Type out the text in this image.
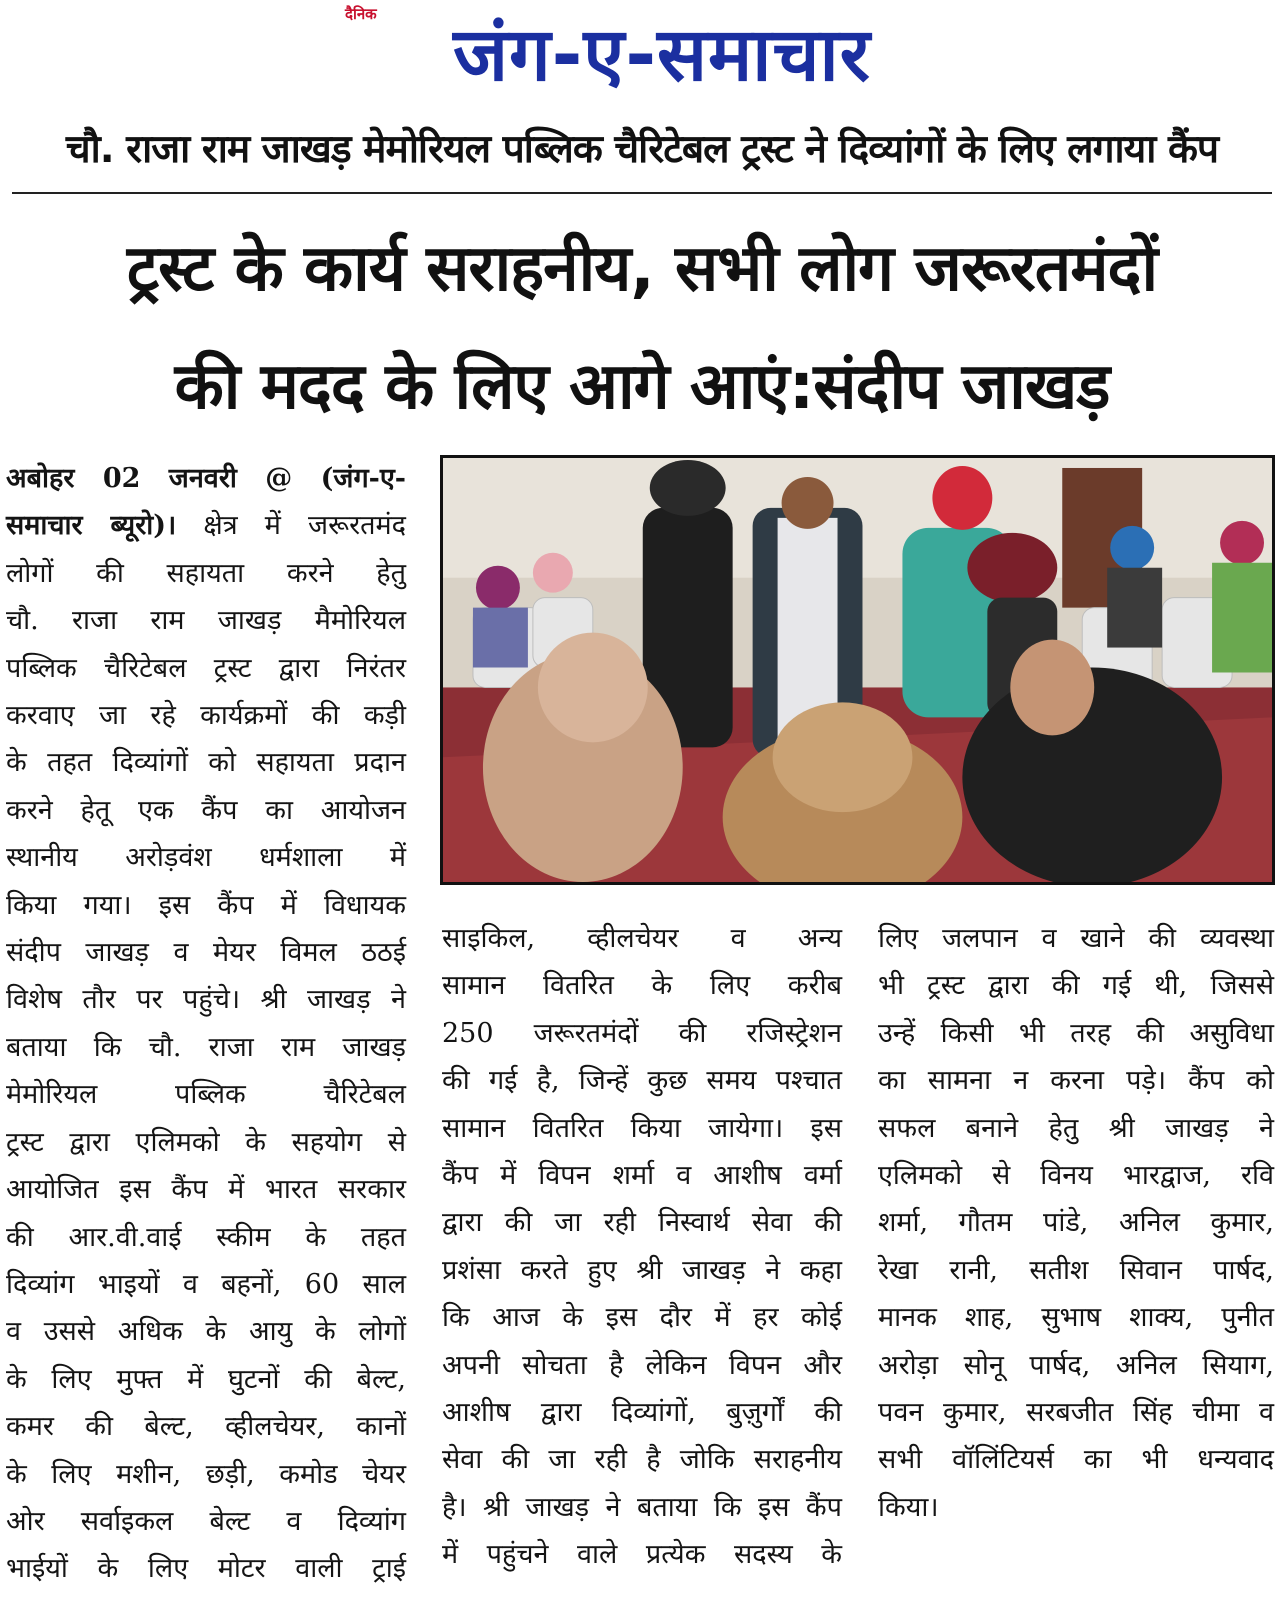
दैनिक	जंग-ए-समाचार
चौ. राजा राम जाखड़ मेमोरियल पब्लिक चैरिटेबल ट्रस्ट ने दिव्यांगों के लिए लगाया कैंप
ट्रस्ट के कार्य सराहनीय, सभी लोग जरूरतमंदों
की मदद के लिए आगे आएं:संदीप जाखड़
अबोहर 02 जनवरी @ (जंग-ए-
समाचार ब्यूरो)। क्षेत्र में जरूरतमंद
लोगों की सहायता करने हेतु
चौ. राजा राम जाखड़ मैमोरियल
पब्लिक चैरिटेबल ट्रस्ट द्वारा निरंतर
करवाए जा रहे कार्यक्रमों की कड़ी
के तहत दिव्यांगों को सहायता प्रदान
करने हेतू एक कैंप का आयोजन
स्थानीय अरोड़वंश धर्मशाला में
किया गया। इस कैंप में विधायक
संदीप जाखड़ व मेयर विमल ठठई
विशेष तौर पर पहुंचे। श्री जाखड़ ने
बताया कि चौ. राजा राम जाखड़
मेमोरियल पब्लिक चैरिटेबल
ट्रस्ट द्वारा एलिमको के सहयोग से
आयोजित इस कैंप में भारत सरकार
की आर.वी.वाई स्कीम के तहत
दिव्यांग भाइयों व बहनों, 60 साल
व उससे अधिक के आयु के लोगों
के लिए मुफ्त में घुटनों की बेल्ट,
कमर की बेल्ट, व्हीलचेयर, कानों
के लिए मशीन, छड़ी, कमोड चेयर
ओर सर्वाइकल बेल्ट व दिव्यांग
भाईयों के लिए मोटर वाली ट्राई
साइकिल, व्हीलचेयर व अन्य
सामान वितरित के लिए करीब
250 जरूरतमंदों की रजिस्ट्रेशन
की गई है, जिन्हें कुछ समय पश्चात
सामान वितरित किया जायेगा। इस
कैंप में विपन शर्मा व आशीष वर्मा
द्वारा की जा रही निस्वार्थ सेवा की
प्रशंसा करते हुए श्री जाखड़ ने कहा
कि आज के इस दौर में हर कोई
अपनी सोचता है लेकिन विपन और
आशीष द्वारा दिव्यांगों, बुज़ुर्गों की
सेवा की जा रही है जोकि सराहनीय
है। श्री जाखड़ ने बताया कि इस कैंप
में पहुंचने वाले प्रत्येक सदस्य के
लिए जलपान व खाने की व्यवस्था
भी ट्रस्ट द्वारा की गई थी, जिससे
उन्हें किसी भी तरह की असुविधा
का सामना न करना पड़े। कैंप को
सफल बनाने हेतु श्री जाखड़ ने
एलिमको से विनय भारद्वाज, रवि
शर्मा, गौतम पांडे, अनिल कुमार,
रेखा रानी, सतीश सिवान पार्षद,
मानक शाह, सुभाष शाक्य, पुनीत
अरोड़ा सोनू पार्षद, अनिल सियाग,
पवन कुमार, सरबजीत सिंह चीमा व
सभी वॉलिंटियर्स का भी धन्यवाद
किया।
